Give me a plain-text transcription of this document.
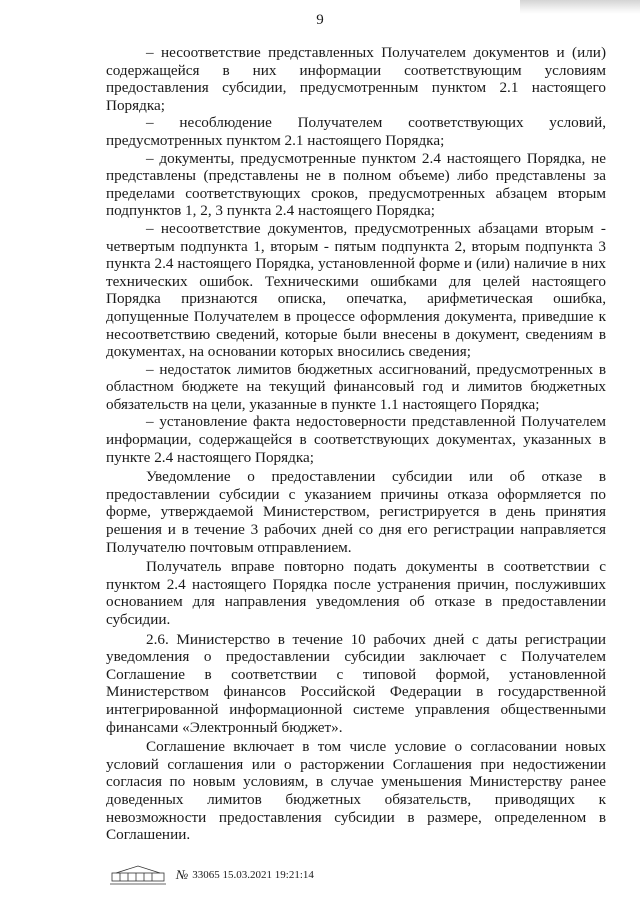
9

– несоответствие представленных Получателем документов и (или) содержащейся в них информации соответствующим условиям предоставления субсидии, предусмотренным пунктом 2.1 настоящего Порядка;

– несоблюдение Получателем соответствующих условий, предусмотренных пунктом 2.1 настоящего Порядка;

– документы, предусмотренные пунктом 2.4 настоящего Порядка, не представлены (представлены не в полном объеме) либо представлены за пределами соответствующих сроков, предусмотренных абзацем вторым подпунктов 1, 2, 3 пункта 2.4 настоящего Порядка;

– несоответствие документов, предусмотренных абзацами вторым - четвертым подпункта 1, вторым - пятым подпункта 2, вторым подпункта 3 пункта 2.4 настоящего Порядка, установленной форме и (или) наличие в них технических ошибок. Техническими ошибками для целей настоящего Порядка признаются описка, опечатка, арифметическая ошибка, допущенные Получателем в процессе оформления документа, приведшие к несоответствию сведений, которые были внесены в документ, сведениям в документах, на основании которых вносились сведения;

– недостаток лимитов бюджетных ассигнований, предусмотренных в областном бюджете на текущий финансовый год и лимитов бюджетных обязательств на цели, указанные в пункте 1.1 настоящего Порядка;

– установление факта недостоверности представленной Получателем информации, содержащейся в соответствующих документах, указанных в пункте 2.4 настоящего Порядка;

Уведомление о предоставлении субсидии или об отказе в предоставлении субсидии с указанием причины отказа оформляется по форме, утверждаемой Министерством, регистрируется в день принятия решения и в течение 3 рабочих дней со дня его регистрации направляется Получателю почтовым отправлением.

Получатель вправе повторно подать документы в соответствии с пунктом 2.4 настоящего Порядка после устранения причин, послуживших основанием для направления уведомления об отказе в предоставлении субсидии.

2.6. Министерство в течение 10 рабочих дней с даты регистрации уведомления о предоставлении субсидии заключает с Получателем Соглашение в соответствии с типовой формой, установленной Министерством финансов Российской Федерации в государственной интегрированной информационной системе управления общественными финансами «Электронный бюджет».

Соглашение включает в том числе условие о согласовании новых условий соглашения или о расторжении Соглашения при недостижении согласия по новым условиям, в случае уменьшения Министерству ранее доведенных лимитов бюджетных обязательств, приводящих к невозможности предоставления субсидии в размере, определенном в Соглашении.

№ 33065 15.03.2021 19:21:14
